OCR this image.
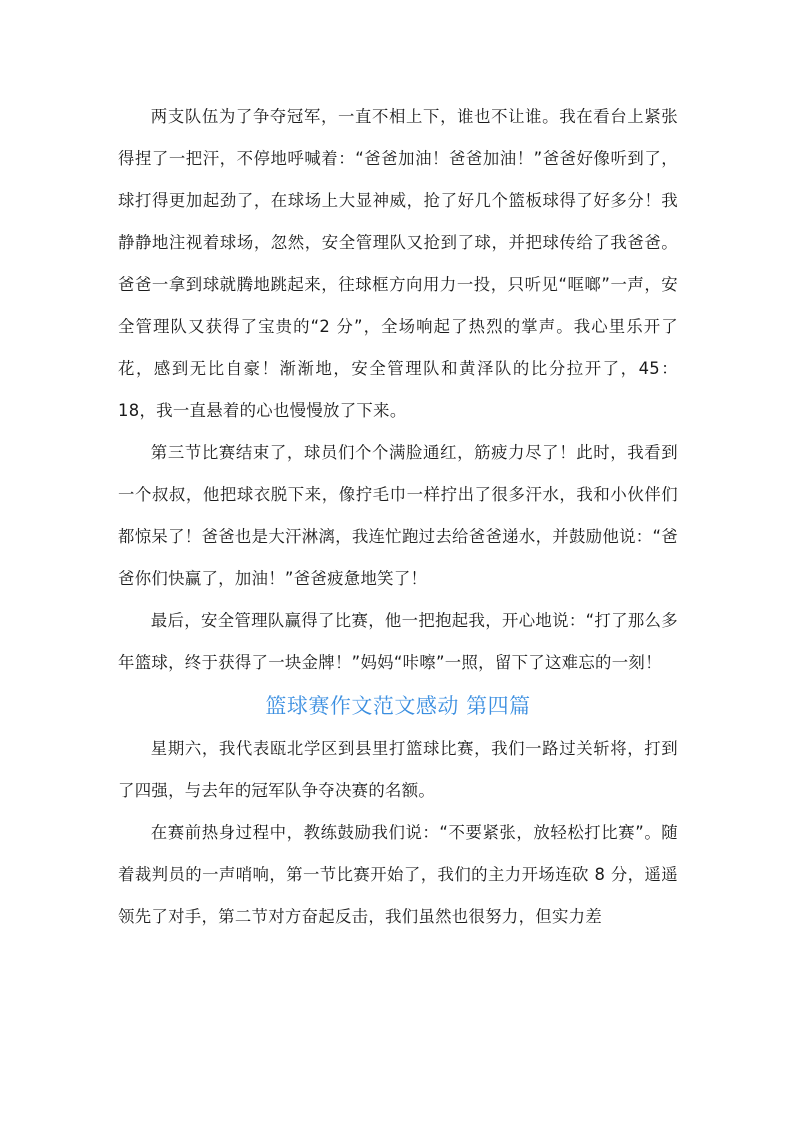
两支队伍为了争夺冠军，一直不相上下，谁也不让谁。我在看台上紧张得捏了一把汗，不停地呼喊着：“爸爸加油！爸爸加油！”爸爸好像听到了，球打得更加起劲了，在球场上大显神威，抢了好几个篮板球得了好多分！我静静地注视着球场，忽然，安全管理队又抢到了球，并把球传给了我爸爸。爸爸一拿到球就腾地跳起来，往球框方向用力一投，只听见“哐啷”一声，安全管理队又获得了宝贵的“2 分”，全场响起了热烈的掌声。我心里乐开了花，感到无比自豪！渐渐地，安全管理队和黄泽队的比分拉开了，45：18，我一直悬着的心也慢慢放了下来。

第三节比赛结束了，球员们个个满脸通红，筋疲力尽了！此时，我看到一个叔叔，他把球衣脱下来，像拧毛巾一样拧出了很多汗水，我和小伙伴们都惊呆了！爸爸也是大汗淋漓，我连忙跑过去给爸爸递水，并鼓励他说：“爸爸你们快赢了，加油！”爸爸疲惫地笑了！

最后，安全管理队赢得了比赛，他一把抱起我，开心地说：“打了那么多年篮球，终于获得了一块金牌！”妈妈“咔嚓”一照，留下了这难忘的一刻！

篮球赛作文范文感动 第四篇

星期六，我代表瓯北学区到县里打篮球比赛，我们一路过关斩将，打到了四强，与去年的冠军队争夺决赛的名额。

在赛前热身过程中，教练鼓励我们说：“不要紧张，放轻松打比赛”。随着裁判员的一声哨响，第一节比赛开始了，我们的主力开场连砍 8 分，遥遥领先了对手，第二节对方奋起反击，我们虽然也很努力，但实力差
